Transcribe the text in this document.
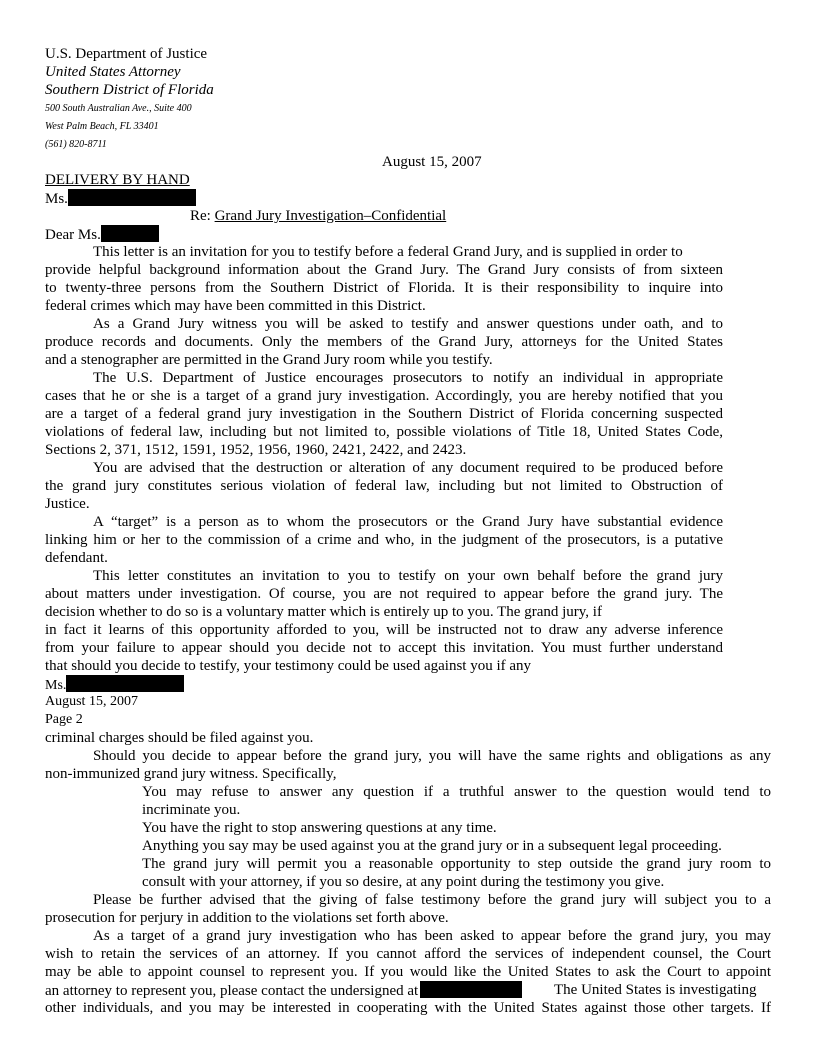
U.S. Department of Justice
United States Attorney
Southern District of Florida
500 South Australian Ave., Suite 400
West Palm Beach, FL 33401
(561) 820-8711
August 15, 2007
DELIVERY BY HAND
Ms.
Re: Grand Jury Investigation–Confidential
Dear Ms.
This letter is an invitation for you to testify before a federal Grand Jury, and is supplied in order to
provide helpful background information about the Grand Jury. The Grand Jury consists of from sixteen
to twenty-three persons from the Southern District of Florida. It is their responsibility to inquire into
federal crimes which may have been committed in this District.
As a Grand Jury witness you will be asked to testify and answer questions under oath, and to
produce records and documents. Only the members of the Grand Jury, attorneys for the United States
and a stenographer are permitted in the Grand Jury room while you testify.
The U.S. Department of Justice encourages prosecutors to notify an individual in appropriate
cases that he or she is a target of a grand jury investigation. Accordingly, you are hereby notified that you
are a target of a federal grand jury investigation in the Southern District of Florida concerning suspected
violations of federal law, including but not limited to, possible violations of Title 18, United States Code,
Sections 2, 371, 1512, 1591, 1952, 1956, 1960, 2421, 2422, and 2423.
You are advised that the destruction or alteration of any document required to be produced before
the grand jury constitutes serious violation of federal law, including but not limited to Obstruction of
Justice.
A “target” is a person as to whom the prosecutors or the Grand Jury have substantial evidence
linking him or her to the commission of a crime and who, in the judgment of the prosecutors, is a putative
defendant.
This letter constitutes an invitation to you to testify on your own behalf before the grand jury
about matters under investigation. Of course, you are not required to appear before the grand jury. The
decision whether to do so is a voluntary matter which is entirely up to you. The grand jury, if
in fact it learns of this opportunity afforded to you, will be instructed not to draw any adverse inference
from your failure to appear should you decide not to accept this invitation. You must further understand
that should you decide to testify, your testimony could be used against you if any
Ms.
August 15, 2007
Page 2
criminal charges should be filed against you.
Should you decide to appear before the grand jury, you will have the same rights and obligations as any
non-immunized grand jury witness. Specifically,
You may refuse to answer any question if a truthful answer to the question would tend to
incriminate you.
You have the right to stop answering questions at any time.
Anything you say may be used against you at the grand jury or in a subsequent legal proceeding.
The grand jury will permit you a reasonable opportunity to step outside the grand jury room to
consult with your attorney, if you so desire, at any point during the testimony you give.
Please be further advised that the giving of false testimony before the grand jury will subject you to a
prosecution for perjury in addition to the violations set forth above.
As a target of a grand jury investigation who has been asked to appear before the grand jury, you may
wish to retain the services of an attorney. If you cannot afford the services of independent counsel, the Court
may be able to appoint counsel to represent you. If you would like the United States to ask the Court to appoint
an attorney to represent you, please contact the undersigned at	The United States is investigating
other individuals, and you may be interested in cooperating with the United States against those other targets. If
